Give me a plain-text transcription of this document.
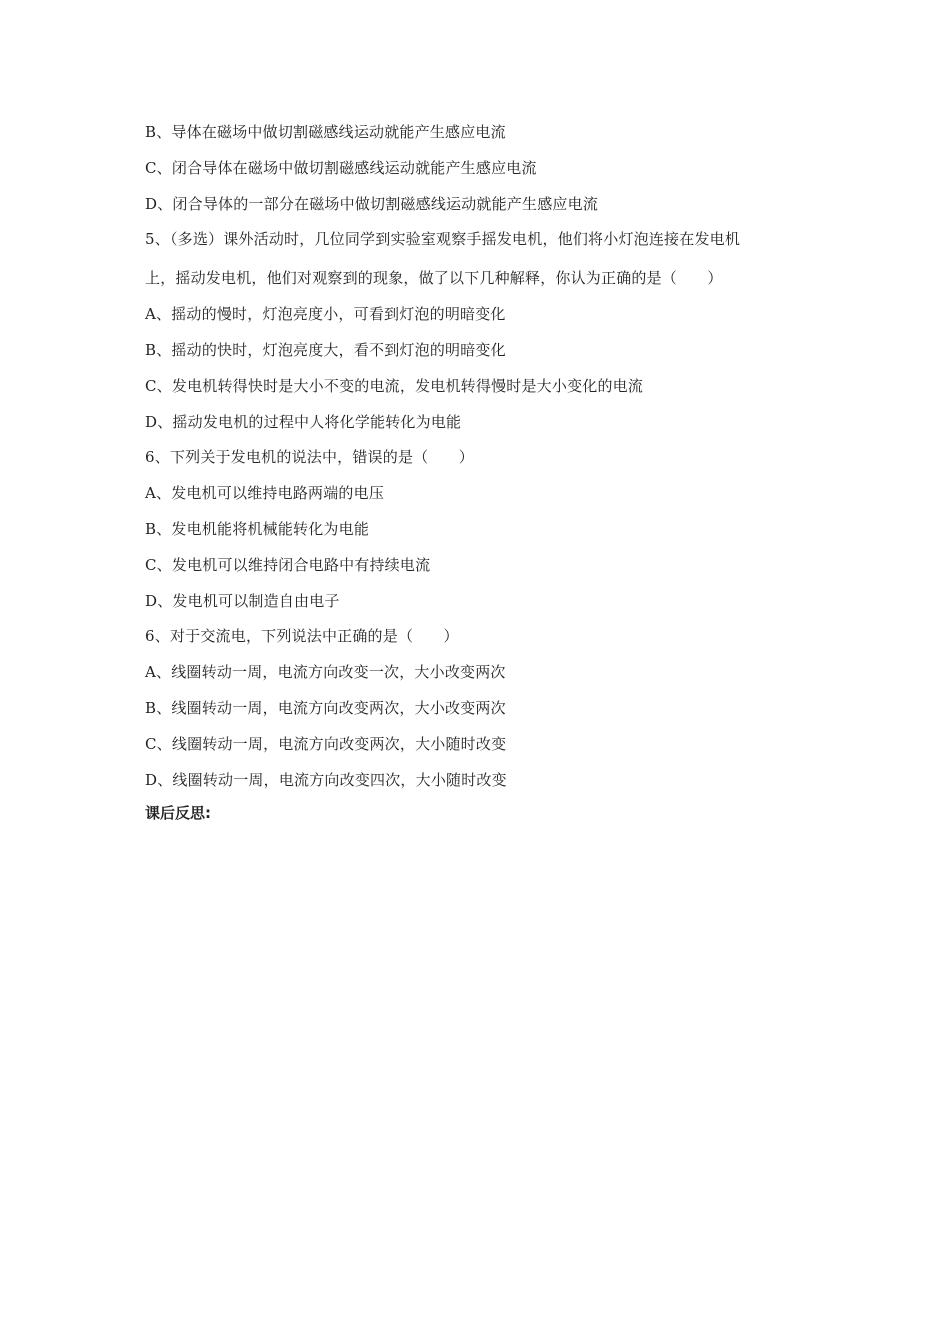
B、导体在磁场中做切割磁感线运动就能产生感应电流
C、闭合导体在磁场中做切割磁感线运动就能产生感应电流
D、闭合导体的一部分在磁场中做切割磁感线运动就能产生感应电流
5、（多选）课外活动时，几位同学到实验室观察手摇发电机，他们将小灯泡连接在发电机
上，摇动发电机，他们对观察到的现象，做了以下几种解释，你认为正确的是（　　）
A、摇动的慢时，灯泡亮度小，可看到灯泡的明暗变化
B、摇动的快时，灯泡亮度大，看不到灯泡的明暗变化
C、发电机转得快时是大小不变的电流，发电机转得慢时是大小变化的电流
D、摇动发电机的过程中人将化学能转化为电能
6、下列关于发电机的说法中，错误的是（　　）
A、发电机可以维持电路两端的电压
B、发电机能将机械能转化为电能
C、发电机可以维持闭合电路中有持续电流
D、发电机可以制造自由电子
6、对于交流电，下列说法中正确的是（　　）
A、线圈转动一周，电流方向改变一次，大小改变两次
B、线圈转动一周，电流方向改变两次，大小改变两次
C、线圈转动一周，电流方向改变两次，大小随时改变
D、线圈转动一周，电流方向改变四次，大小随时改变
课后反思:
